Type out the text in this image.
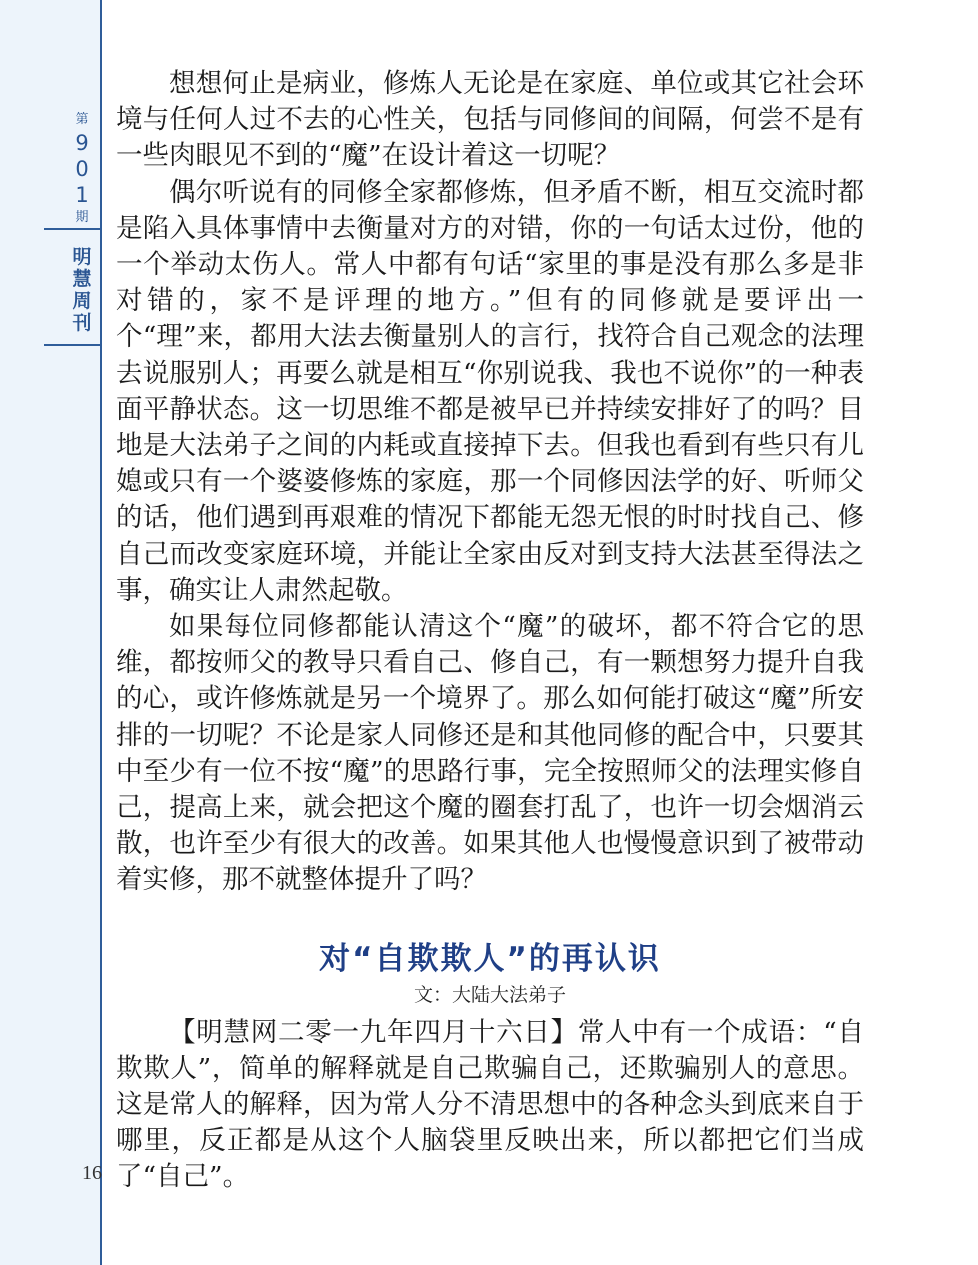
第
9
0
1
期
明
慧
周
刊
16

想想何止是病业，修炼人无论是在家庭、单位或其它社会环境与任何人过不去的心性关，包括与同修间的间隔，何尝不是有一些肉眼见不到的“魔”在设计着这一切呢？

偶尔听说有的同修全家都修炼，但矛盾不断，相互交流时都是陷入具体事情中去衡量对方的对错，你的一句话太过份，他的一个举动太伤人。常人中都有句话“家里的事是没有那么多是非对错的，家不是评理的地方。”但有的同修就是要评出一个“理”来，都用大法去衡量别人的言行，找符合自己观念的法理去说服别人；再要么就是相互“你别说我、我也不说你”的一种表面平静状态。这一切思维不都是被早已并持续安排好了的吗？目地是大法弟子之间的内耗或直接掉下去。但我也看到有些只有儿媳或只有一个婆婆修炼的家庭，那一个同修因法学的好、听师父的话，他们遇到再艰难的情况下都能无怨无恨的时时找自己、修自己而改变家庭环境，并能让全家由反对到支持大法甚至得法之事，确实让人肃然起敬。

如果每位同修都能认清这个“魔”的破坏，都不符合它的思维，都按师父的教导只看自己、修自己，有一颗想努力提升自我的心，或许修炼就是另一个境界了。那么如何能打破这“魔”所安排的一切呢？不论是家人同修还是和其他同修的配合中，只要其中至少有一位不按“魔”的思路行事，完全按照师父的法理实修自己，提高上来，就会把这个魔的圈套打乱了，也许一切会烟消云散，也许至少有很大的改善。如果其他人也慢慢意识到了被带动着实修，那不就整体提升了吗？

对“自欺欺人”的再认识
文：大陆大法弟子

【明慧网二零一九年四月十六日】常人中有一个成语：“自欺欺人”，简单的解释就是自己欺骗自己，还欺骗别人的意思。这是常人的解释，因为常人分不清思想中的各种念头到底来自于哪里，反正都是从这个人脑袋里反映出来，所以都把它们当成了“自己”。
